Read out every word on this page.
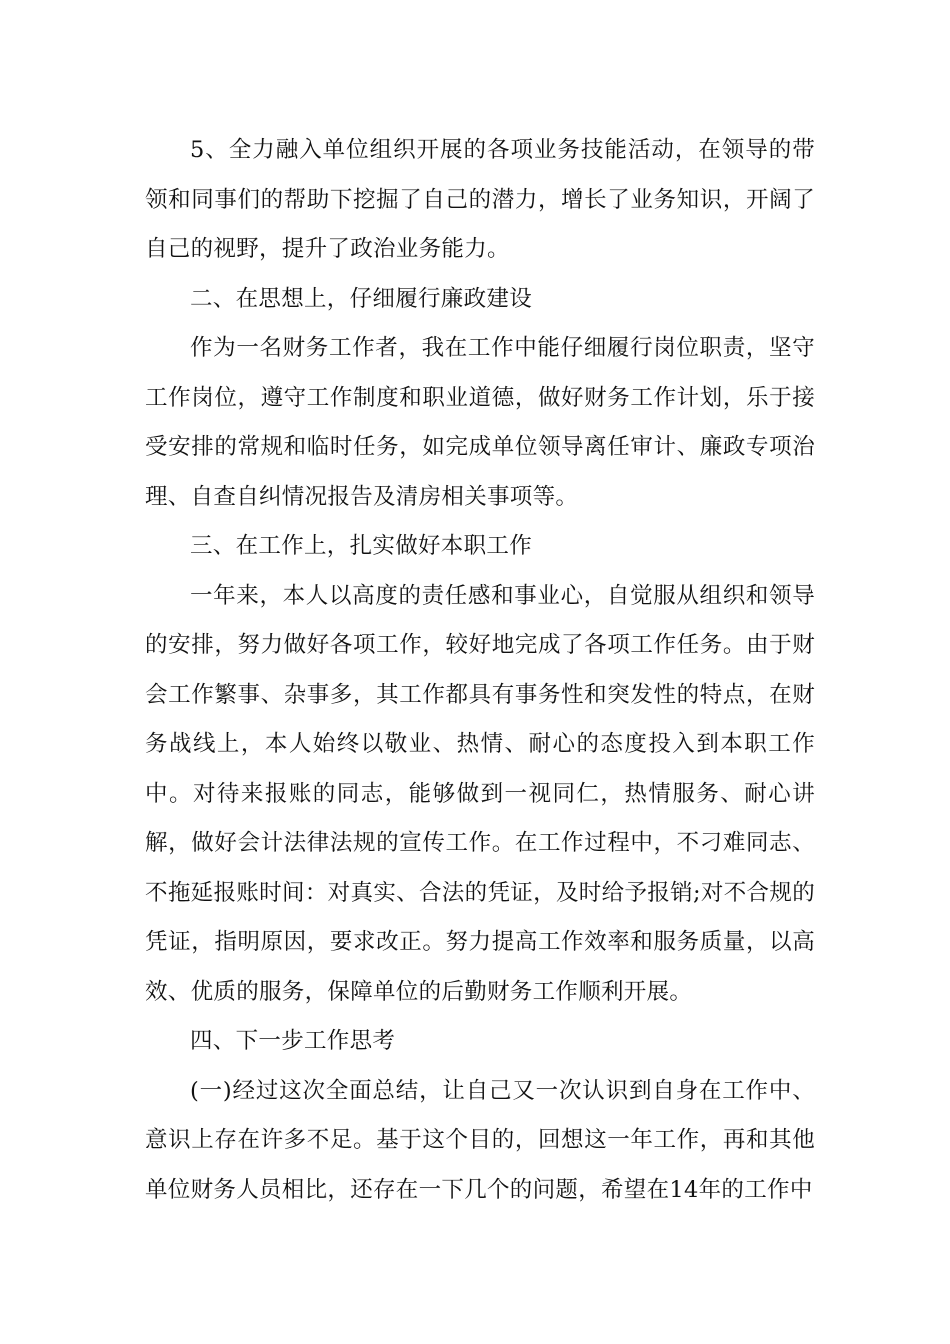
5、全力融入单位组织开展的各项业务技能活动，在领导的带领和同事们的帮助下挖掘了自己的潜力，增长了业务知识，开阔了自己的视野，提升了政治业务能力。

二、在思想上，仔细履行廉政建设

作为一名财务工作者，我在工作中能仔细履行岗位职责，坚守工作岗位，遵守工作制度和职业道德，做好财务工作计划，乐于接受安排的常规和临时任务，如完成单位领导离任审计、廉政专项治理、自查自纠情况报告及清房相关事项等。

三、在工作上，扎实做好本职工作

一年来，本人以高度的责任感和事业心，自觉服从组织和领导的安排，努力做好各项工作，较好地完成了各项工作任务。由于财会工作繁事、杂事多，其工作都具有事务性和突发性的特点，在财务战线上，本人始终以敬业、热情、耐心的态度投入到本职工作中。对待来报账的同志，能够做到一视同仁，热情服务、耐心讲解，做好会计法律法规的宣传工作。在工作过程中，不刁难同志、不拖延报账时间：对真实、合法的凭证，及时给予报销;对不合规的凭证，指明原因，要求改正。努力提高工作效率和服务质量，以高效、优质的服务，保障单位的后勤财务工作顺利开展。

四、下一步工作思考

(一)经过这次全面总结，让自己又一次认识到自身在工作中、意识上存在许多不足。基于这个目的，回想这一年工作，再和其他单位财务人员相比，还存在一下几个的问题，希望在14年的工作中
